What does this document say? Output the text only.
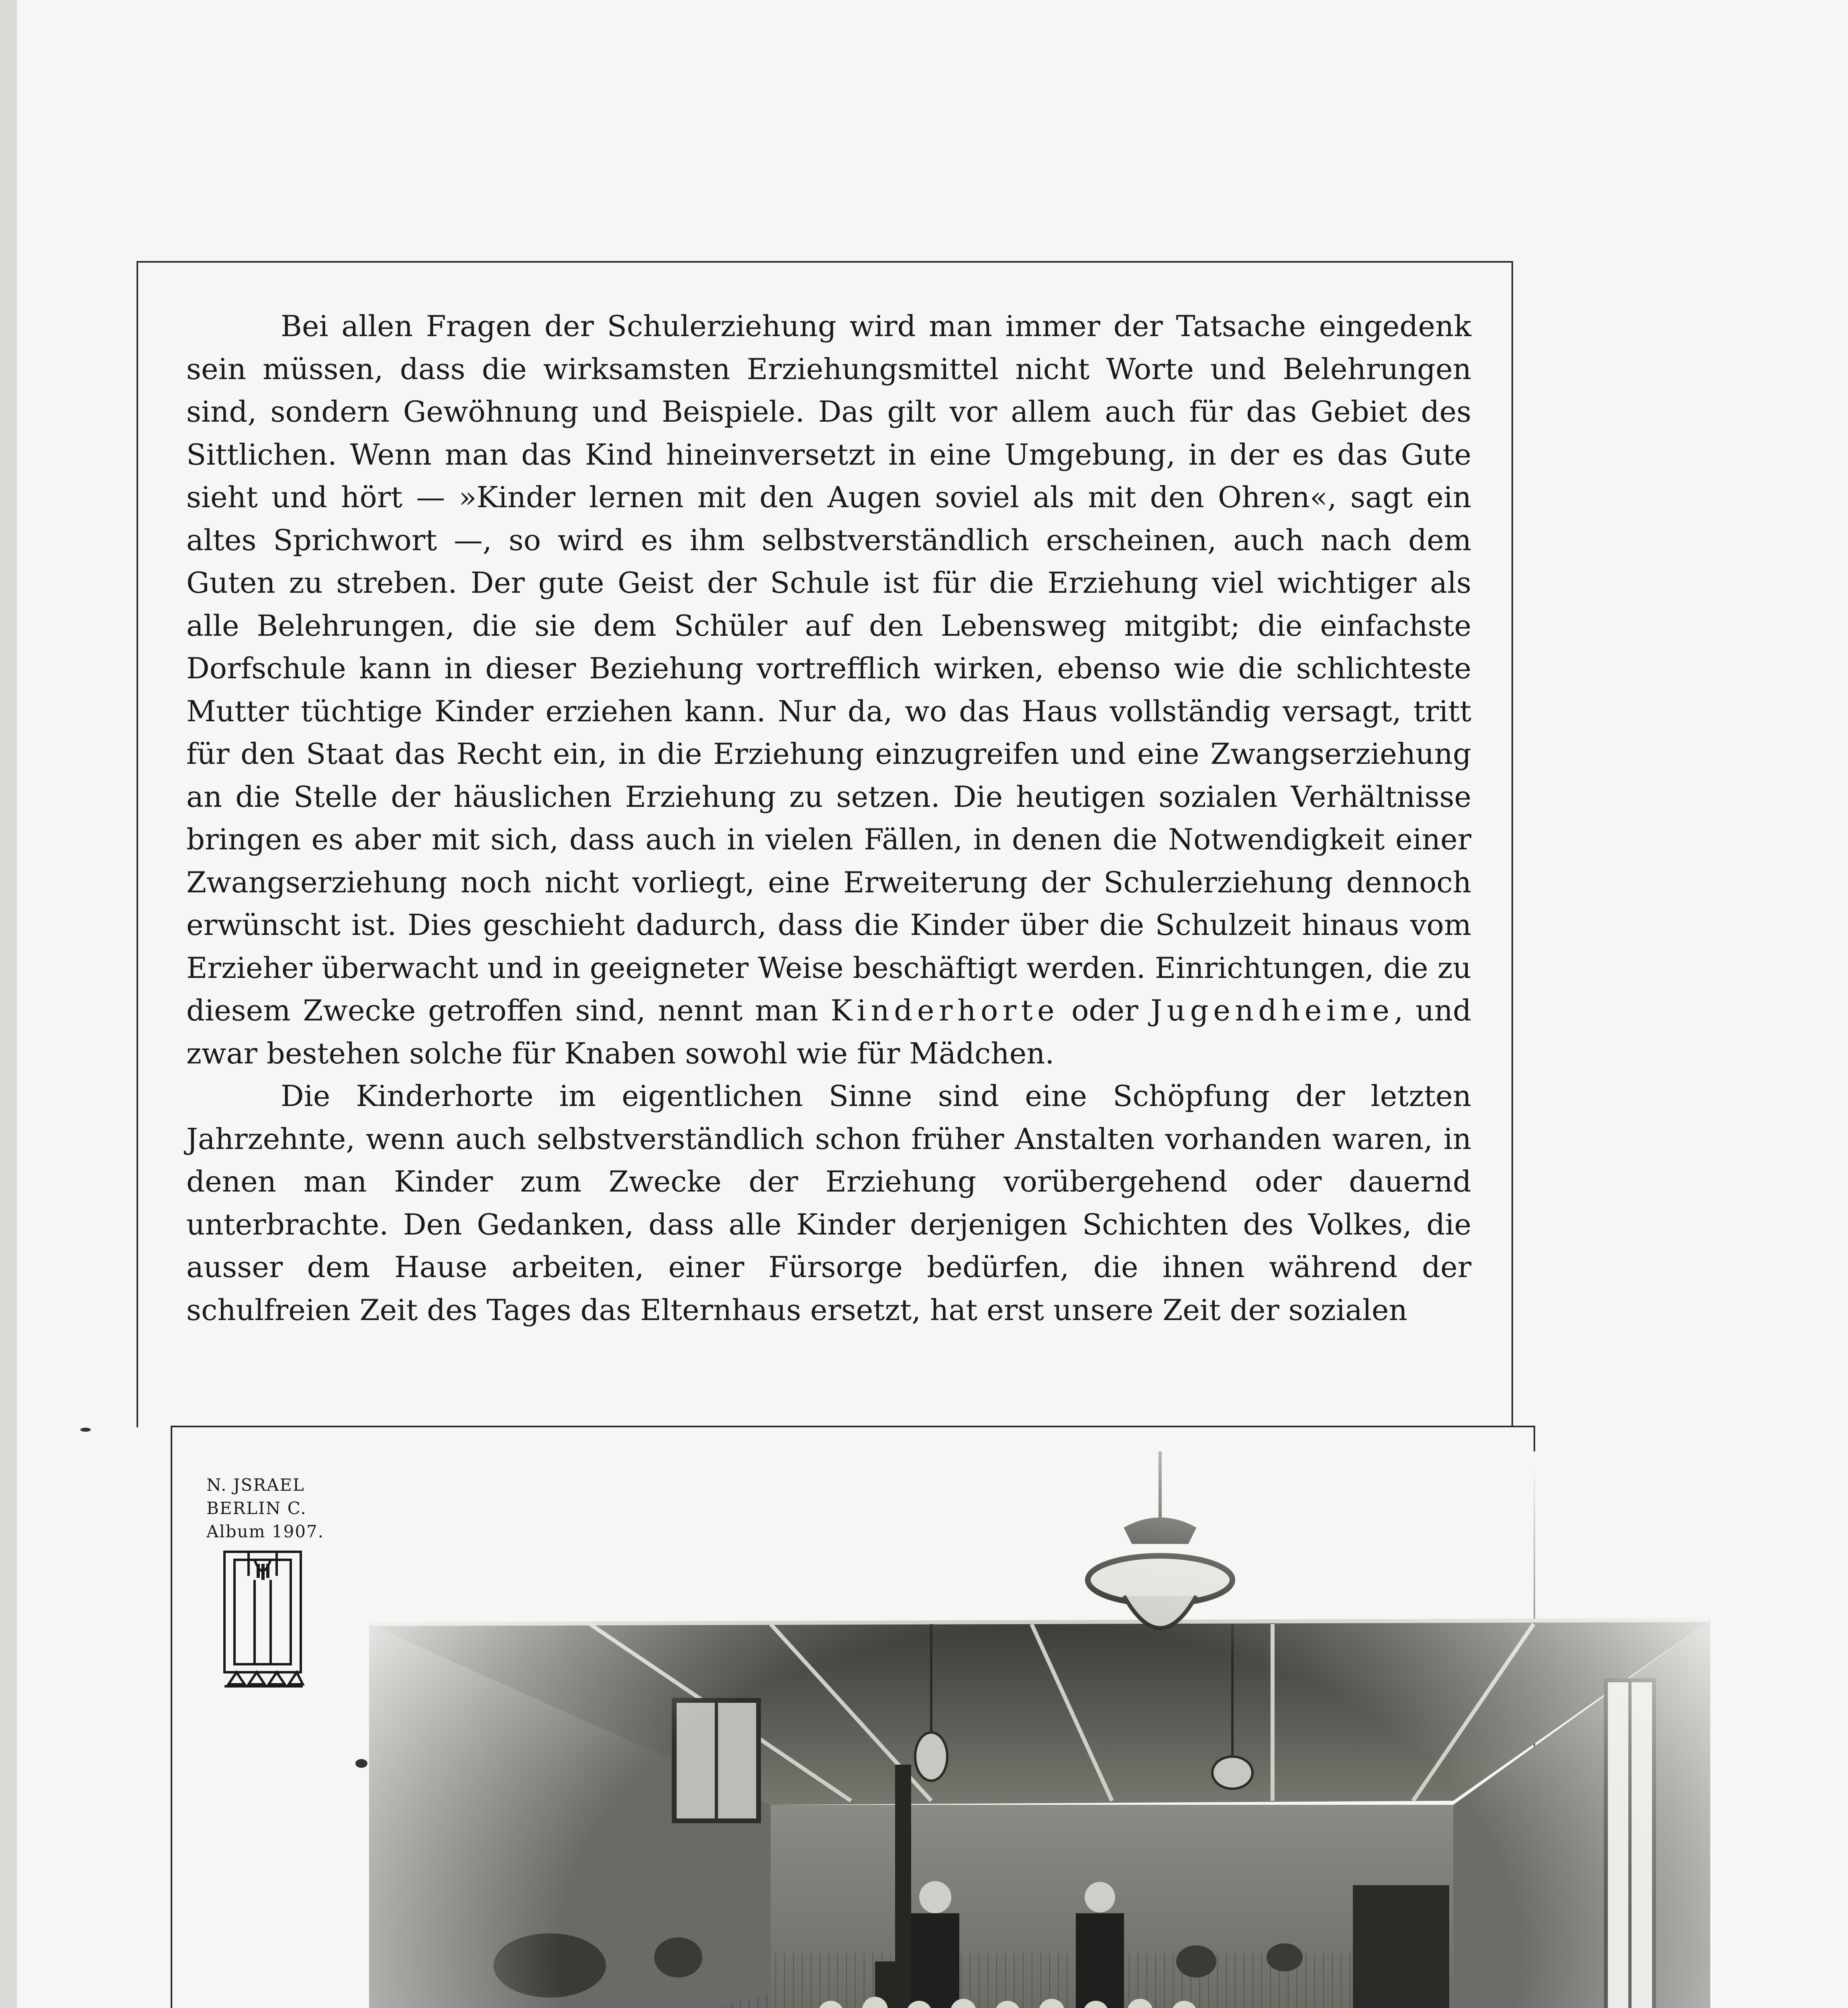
Bei allen Fragen der Schulerziehung wird man immer der Tatsache eingedenk sein müssen, dass die wirksamsten Erziehungsmittel nicht Worte und Belehrungen sind, sondern Gewöhnung und Beispiele. Das gilt vor allem auch für das Gebiet des Sittlichen. Wenn man das Kind hineinversetzt in eine Umgebung, in der es das Gute sieht und hört — »Kinder lernen mit den Augen soviel als mit den Ohren«, sagt ein altes Sprichwort —, so wird es ihm selbstverständlich erscheinen, auch nach dem Guten zu streben. Der gute Geist der Schule ist für die Erziehung viel wichtiger als alle Belehrungen, die sie dem Schüler auf den Lebensweg mitgibt; die einfachste Dorfschule kann in dieser Beziehung vortrefflich wirken, ebenso wie die schlichteste Mutter tüchtige Kinder erziehen kann. Nur da, wo das Haus vollständig versagt, tritt für den Staat das Recht ein, in die Erziehung einzugreifen und eine Zwangserziehung an die Stelle der häuslichen Erziehung zu setzen. Die heutigen sozialen Verhältnisse bringen es aber mit sich, dass auch in vielen Fällen, in denen die Notwendigkeit einer Zwangserziehung noch nicht vorliegt, eine Erweiterung der Schulerziehung dennoch erwünscht ist. Dies geschieht dadurch, dass die Kinder über die Schulzeit hinaus vom Erzieher überwacht und in geeigneter Weise beschäftigt werden. Einrichtungen, die zu diesem Zwecke getroffen sind, nennt man Kinderhorte oder Jugendheime, und zwar bestehen solche für Knaben sowohl wie für Mädchen.

Die Kinderhorte im eigentlichen Sinne sind eine Schöpfung der letzten Jahrzehnte, wenn auch selbstverständlich schon früher Anstalten vorhanden waren, in denen man Kinder zum Zwecke der Erziehung vorübergehend oder dauernd unterbrachte. Den Gedanken, dass alle Kinder derjenigen Schichten des Volkes, die ausser dem Hause arbeiten, einer Fürsorge bedürfen, die ihnen während der schulfreien Zeit des Tages das Elternhaus ersetzt, hat erst unsere Zeit der sozialen

N. JSRAEL
BERLIN C.
Album 1907.
